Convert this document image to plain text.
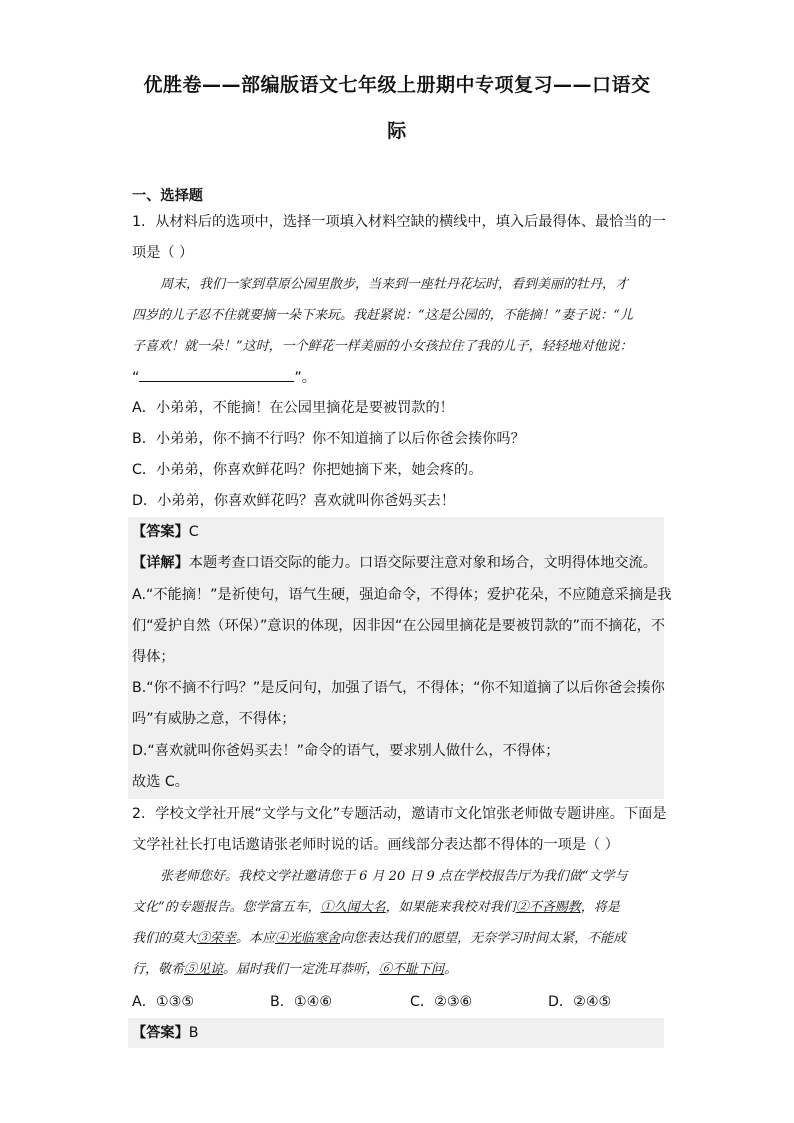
优胜卷——部编版语文七年级上册期中专项复习——口语交
际
一、选择题
1．从材料后的选项中，选择一项填入材料空缺的横线中，填入后最得体、最恰当的一
项是（ ）
周末，我们一家到草原公园里散步，当来到一座牡丹花坛时，看到美丽的牡丹，才
四岁的儿子忍不住就要摘一朵下来玩。我赶紧说：“这是公园的，不能摘！”妻子说：“儿
子喜欢！就一朵！”这时，一个鲜花一样美丽的小女孩拉住了我的儿子，轻轻地对他说：
“	”。
A．小弟弟，不能摘！在公园里摘花是要被罚款的！
B．小弟弟，你不摘不行吗？你不知道摘了以后你爸会揍你吗？
C．小弟弟，你喜欢鲜花吗？你把她摘下来，她会疼的。
D．小弟弟，你喜欢鲜花吗？喜欢就叫你爸妈买去！
【答案】C
【详解】本题考查口语交际的能力。口语交际要注意对象和场合，文明得体地交流。
A.“不能摘！”是祈使句，语气生硬，强迫命令，不得体；爱护花朵，不应随意采摘是我
们“爱护自然（环保）”意识的体现，因非因“在公园里摘花是要被罚款的”而不摘花，不
得体；
B.“你不摘不行吗？”是反问句，加强了语气，不得体；“你不知道摘了以后你爸会揍你
吗”有威胁之意，不得体；
D.“喜欢就叫你爸妈买去！”命令的语气，要求别人做什么，不得体；
故选 C。
2．学校文学社开展“文学与文化”专题活动，邀请市文化馆张老师做专题讲座。下面是
文学社社长打电话邀请张老师时说的话。画线部分表达都不得体的一项是（ ）
张老师您好。我校文学社邀请您于 6 月 20 日 9 点在学校报告厅为我们做“文学与
文化”的专题报告。您学富五车，①久闻大名，如果能来我校对我们②不吝赐教，将是
我们的莫大③荣幸。本应④光临寒舍向您表达我们的愿望，无奈学习时间太紧，不能成
行，敬希⑤见谅。届时我们一定洗耳恭听，⑥不耻下问。
A．①③⑤	B．①④⑥	C．②③⑥	D．②④⑤
【答案】B
